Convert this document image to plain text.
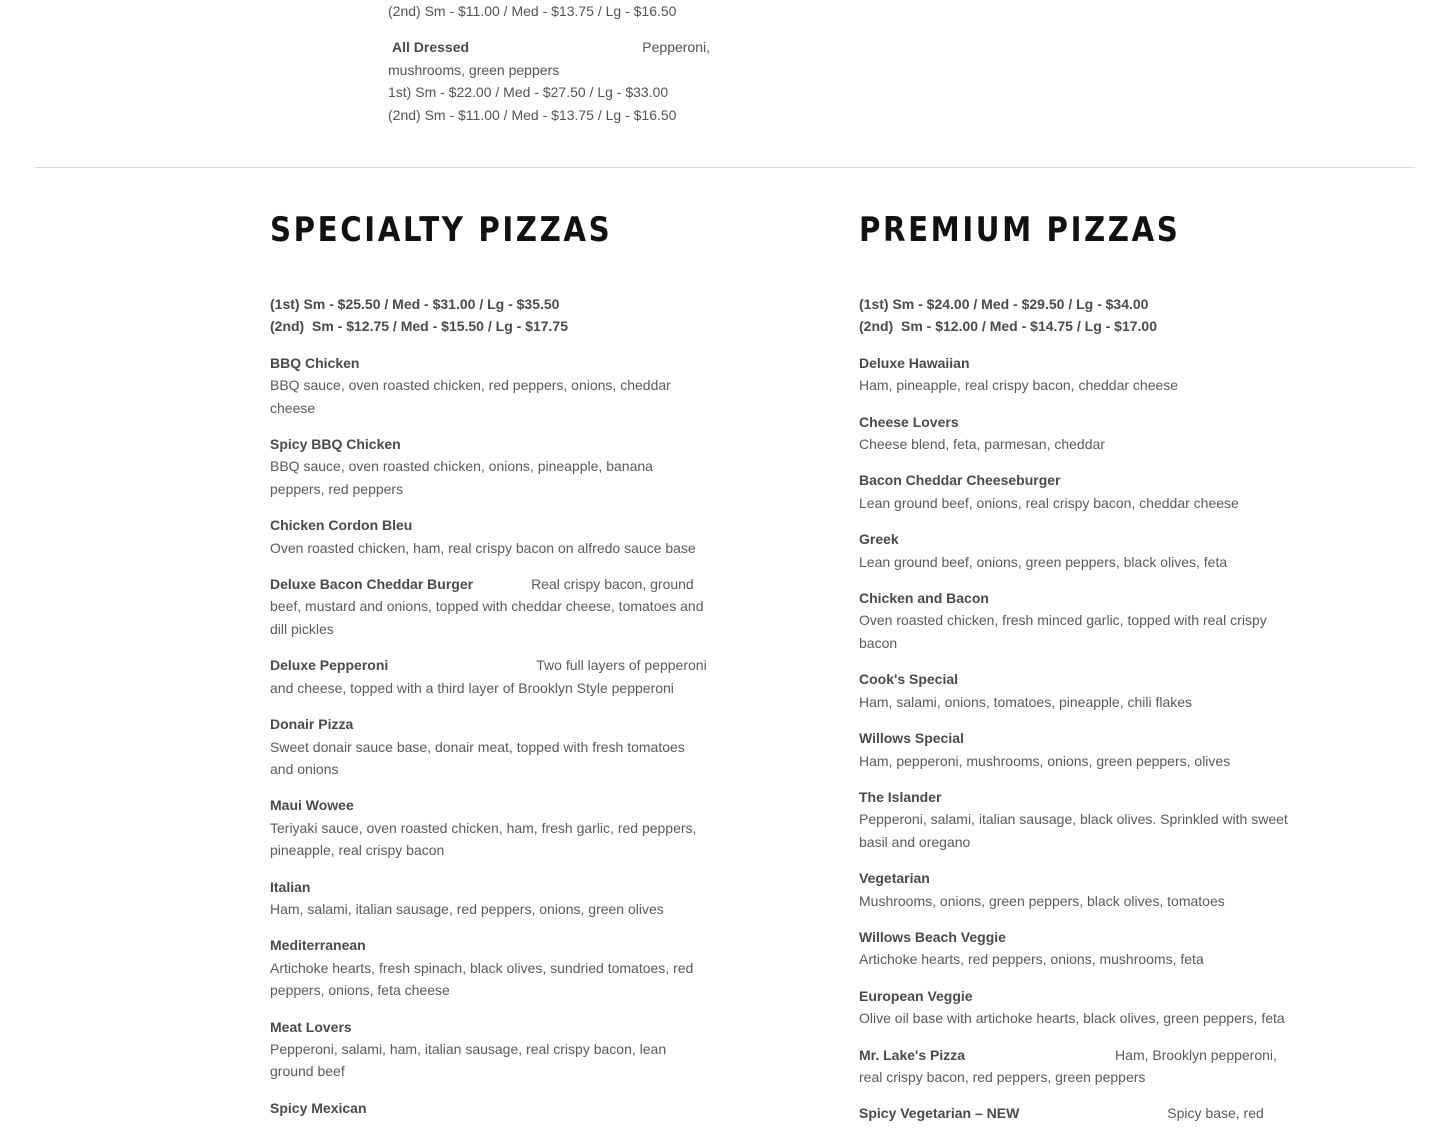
(2nd) Sm - $11.00 / Med - $13.75 / Lg - $16.50
All Dressed	Pepperoni,
mushrooms, green peppers
1st) Sm - $22.00 / Med - $27.50 / Lg - $33.00
(2nd) Sm - $11.00 / Med - $13.75 / Lg - $16.50
SPECIALTY PIZZAS
(1st) Sm - $25.50 / Med - $31.00 / Lg - $35.50
(2nd)  Sm - $12.75 / Med - $15.50 / Lg - $17.75
BBQ Chicken
BBQ sauce, oven roasted chicken, red peppers, onions, cheddar cheese
Spicy BBQ Chicken
BBQ sauce, oven roasted chicken, onions, pineapple, banana peppers, red peppers
Chicken Cordon Bleu
Oven roasted chicken, ham, real crispy bacon on alfredo sauce base
Deluxe Bacon Cheddar Burger	Real crispy bacon, ground beef, mustard and onions, topped with cheddar cheese, tomatoes and dill pickles
Deluxe Pepperoni	Two full layers of pepperoni and cheese, topped with a third layer of Brooklyn Style pepperoni
Donair Pizza
Sweet donair sauce base, donair meat, topped with fresh tomatoes and onions
Maui Wowee
Teriyaki sauce, oven roasted chicken, ham, fresh garlic, red peppers, pineapple, real crispy bacon
Italian
Ham, salami, italian sausage, red peppers, onions, green olives
Mediterranean
Artichoke hearts, fresh spinach, black olives, sundried tomatoes, red peppers, onions, feta cheese
Meat Lovers
Pepperoni, salami, ham, italian sausage, real crispy bacon, lean ground beef
Spicy Mexican
PREMIUM PIZZAS
(1st) Sm - $24.00 / Med - $29.50 / Lg - $34.00
(2nd)  Sm - $12.00 / Med - $14.75 / Lg - $17.00
Deluxe Hawaiian
Ham, pineapple, real crispy bacon, cheddar cheese
Cheese Lovers
Cheese blend, feta, parmesan, cheddar
Bacon Cheddar Cheeseburger
Lean ground beef, onions, real crispy bacon, cheddar cheese
Greek
Lean ground beef, onions, green peppers, black olives, feta
Chicken and Bacon
Oven roasted chicken, fresh minced garlic, topped with real crispy bacon
Cook's Special
Ham, salami, onions, tomatoes, pineapple, chili flakes
Willows Special
Ham, pepperoni, mushrooms, onions, green peppers, olives
The Islander
Pepperoni, salami, italian sausage, black olives. Sprinkled with sweet basil and oregano
Vegetarian
Mushrooms, onions, green peppers, black olives, tomatoes
Willows Beach Veggie
Artichoke hearts, red peppers, onions, mushrooms, feta
European Veggie
Olive oil base with artichoke hearts, black olives, green peppers, feta
Mr. Lake's Pizza	Ham, Brooklyn pepperoni, real crispy bacon, red peppers, green peppers
Spicy Vegetarian – NEW	Spicy base, red
